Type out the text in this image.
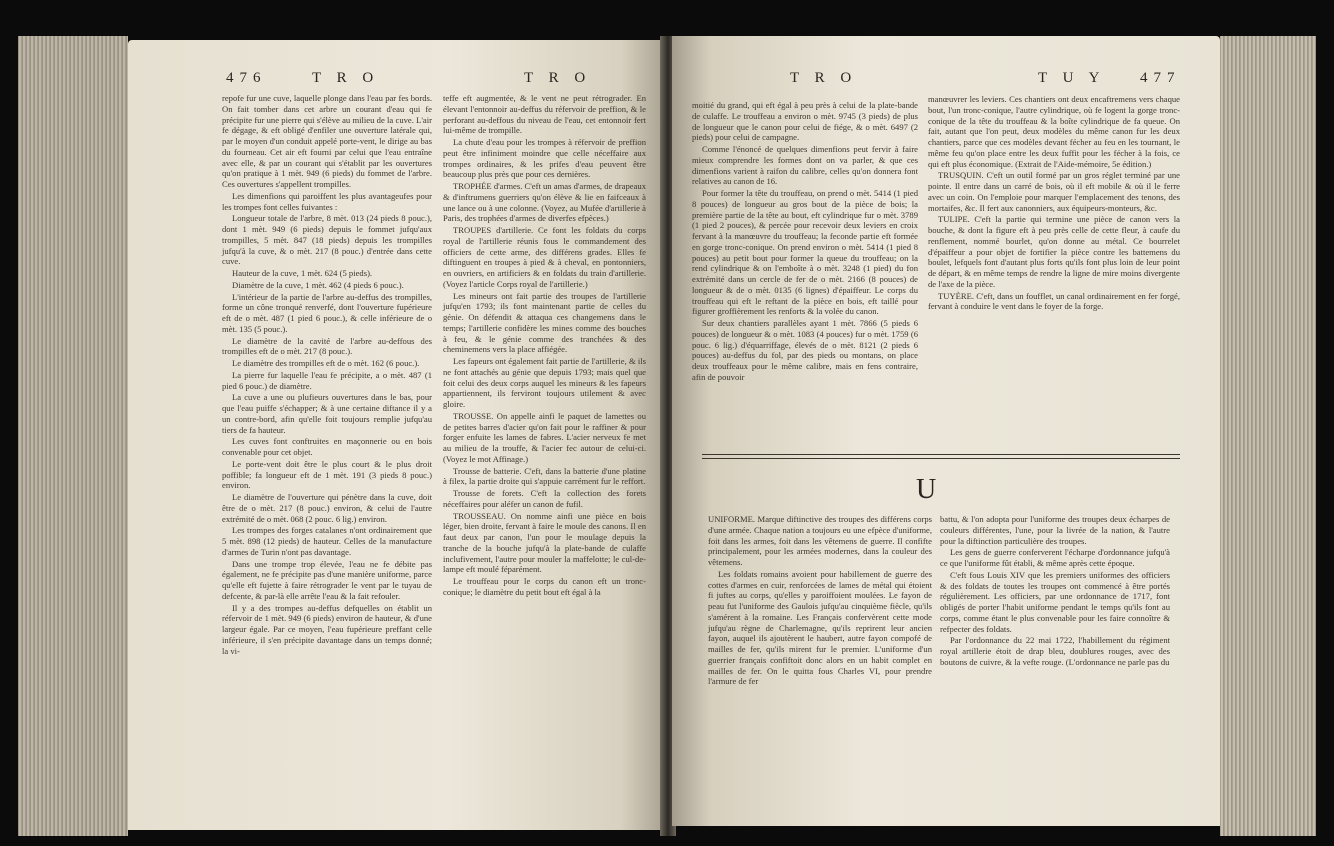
476	T R O	T R O

repofe fur une cuve, laquelle plonge dans l'eau par fes bords. On fait tomber dans cet arbre un courant d'eau qui fe précipite fur une pierre qui s'élève au milieu de la cuve. L'air fe dégage, & eft obligé d'enfiler une ouverture latérale qui, par le moyen d'un conduit appelé porte-vent, le dirige au bas du fourneau. Cet air eft fourni par celui que l'eau entraîne avec elle, & par un courant qui s'établit par les ouvertures qu'on pratique à 1 mèt. 949 (6 pieds) du fommet de l'arbre. Ces ouvertures s'appellent trompilles.

Les dimenfions qui paroiffent les plus avantageufes pour les trompes font celles fuivantes :

Longueur totale de l'arbre, 8 mèt. 013 (24 pieds 8 pouc.), dont 1 mèt. 949 (6 pieds) depuis le fommet jufqu'aux trompilles, 5 mèt. 847 (18 pieds) depuis les trompilles jufqu'à la cuve, & o mèt. 217 (8 pouc.) d'entrée dans cette cuve.

Hauteur de la cuve, 1 mèt. 624 (5 pieds).

Diamètre de la cuve, 1 mèt. 462 (4 pieds 6 pouc.).

L'intérieur de la partie de l'arbre au-deffus des trompilles, forme un cône tronqué renverfé, dont l'ouverture fupérieure eft de o mèt. 487 (1 pied 6 pouc.), & celle inférieure de o mèt. 135 (5 pouc.).

Le diamètre de la cavité de l'arbre au-deffous des trompilles eft de o mèt. 217 (8 pouc.).

Le diamètre des trompilles eft de o mèt. 162 (6 pouc.).

La pierre fur laquelle l'eau fe précipite, a o mèt. 487 (1 pied 6 pouc.) de diamètre.

La cuve a une ou plufieurs ouvertures dans le bas, pour que l'eau puiffe s'échapper; & à une certaine diftance il y a un contre-bord, afin qu'elle foit toujours remplie jufqu'au tiers de fa hauteur.

Les cuves font conftruites en maçonnerie ou en bois convenable pour cet objet.

Le porte-vent doit être le plus court & le plus droit poffible; fa longueur eft de 1 mèt. 191 (3 pieds 8 pouc.) environ.

Le diamètre de l'ouverture qui pénètre dans la cuve, doit être de o mèt. 217 (8 pouc.) environ, & celui de l'autre extrémité de o mèt. 068 (2 pouc. 6 lig.) environ.

Les trompes des forges catalanes n'ont ordinairement que 5 mèt. 898 (12 pieds) de hauteur. Celles de la manufacture d'armes de Turin n'ont pas davantage.

Dans une trompe trop élevée, l'eau ne fe débite pas également, ne fe précipite pas d'une manière uniforme, parce qu'elle eft fujette à faire rétrograder le vent par le tuyau de defcente, & par-là elle arrête l'eau & la fait refouler.

Il y a des trompes au-deffus defquelles on établit un réfervoir de 1 mèt. 949 (6 pieds) environ de hauteur, & d'une largeur égale. Par ce moyen, l'eau fupérieure preffant celle inférieure, il s'en précipite davantage dans un temps donné; la vi-

teffe eft augmentée, & le vent ne peut rétrograder. En élevant l'entonnoir au-deffus du réfervoir de preffion, & le perforant au-deffous du niveau de l'eau, cet entonnoir fert lui-même de trompille.

La chute d'eau pour les trompes à réfervoir de preffion peut être infiniment moindre que celle néceffaire aux trompes ordinaires, & les prifes d'eau peuvent être beaucoup plus près que pour ces dernières.

TROPHÉE d'armes. C'eft un amas d'armes, de drapeaux & d'inftrumens guerriers qu'on élève & lie en faifceaux à une lance ou à une colonne. (Voyez, au Mufée d'artillerie à Paris, des trophées d'armes de diverfes efpèces.)

TROUPES d'artillerie. Ce font les foldats du corps royal de l'artillerie réunis fous le commandement des officiers de cette arme, des différens grades. Elles fe diftinguent en troupes à pied & à cheval, en pontonniers, en ouvriers, en artificiers & en foldats du train d'artillerie. (Voyez l'article Corps royal de l'artillerie.)

Les mineurs ont fait partie des troupes de l'artillerie jufqu'en 1793; ils font maintenant partie de celles du génie. On défendit & attaqua ces changemens dans le temps; l'artillerie confidère les mines comme des bouches à feu, & le génie comme des tranchées & des cheminemens vers la place affiégée.

Les fapeurs ont également fait partie de l'artillerie, & ils ne font attachés au génie que depuis 1793; mais quel que foit celui des deux corps auquel les mineurs & les fapeurs appartiennent, ils ferviront toujours utilement & avec gloire.

TROUSSE. On appelle ainfi le paquet de lamettes ou de petites barres d'acier qu'on fait pour le raffiner & pour forger enfuite les lames de fabres. L'acier nerveux fe met au milieu de la trouffe, & l'acier fec autour de celui-ci. (Voyez le mot Affinage.)

Trousse de batterie. C'eft, dans la batterie d'une platine à filex, la partie droite qui s'appuie carrément fur le reffort.

Trousse de forets. C'eft la collection des forets néceffaires pour aléfer un canon de fufil.

TROUSSEAU. On nomme ainfi une pièce en bois léger, bien droite, fervant à faire le moule des canons. Il en faut deux par canon, l'un pour le moulage depuis la tranche de la bouche jufqu'à la plate-bande de culaffe inclufivement, l'autre pour mouler la maffelotte; le cul-de-lampe eft moulé féparément.

Le trouffeau pour le corps du canon eft un tronc-conique; le diamètre du petit bout eft égal à la

T R O	T U Y 477

moitié du grand, qui eft égal à peu près à celui de la plate-bande de culaffe. Le trouffeau a environ o mèt. 9745 (3 pieds) de plus de longueur que le canon pour celui de fiége, & o mèt. 6497 (2 pieds) pour celui de campagne.

Comme l'énoncé de quelques dimenfions peut fervir à faire mieux comprendre les formes dont on va parler, & que ces dimenfions varient à raifon du calibre, celles qu'on donnera font relatives au canon de 16.

Pour former la tête du trouffeau, on prend o mèt. 5414 (1 pied 8 pouces) de longueur au gros bout de la pièce de bois; la première partie de la tête au bout, eft cylindrique fur o mèt. 3789 (1 pied 2 pouces), & percée pour recevoir deux leviers en croix fervant à la manœuvre du trouffeau; la feconde partie eft formée en gorge tronc-conique. On prend environ o mèt. 5414 (1 pied 8 pouces) au petit bout pour former la queue du trouffeau; on la rend cylindrique & on l'emboîte à o mèt. 3248 (1 pied) du fon extrémité dans un cercle de fer de o mèt. 2166 (8 pouces) de longueur & de o mèt. 0135 (6 lignes) d'épaiffeur. Le corps du trouffeau qui eft le reftant de la pièce en bois, eft taillé pour figurer groffièrement les renforts & la volée du canon.

Sur deux chantiers parallèles ayant 1 mèt. 7866 (5 pieds 6 pouces) de longueur & o mèt. 1083 (4 pouces) fur o mèt. 1759 (6 pouc. 6 lig.) d'équarriffage, élevés de o mèt. 8121 (2 pieds 6 pouces) au-deffus du fol, par des pieds ou montans, on place deux trouffeaux pour le même calibre, mais en fens contraire, afin de pouvoir

manœuvrer les leviers. Ces chantiers ont deux encaftremens vers chaque bout, l'un tronc-conique, l'autre cylindrique, où fe logent la gorge tronc-conique de la tête du trouffeau & la boîte cylindrique de fa queue. On fait, autant que l'on peut, deux modèles du même canon fur les deux chantiers, parce que ces modèles devant fécher au feu en les tournant, le même feu qu'on place entre les deux fuffit pour les fécher à la fois, ce qui eft plus économique. (Extrait de l'Aide-mémoire, 5e édition.)

TRUSQUIN. C'eft un outil formé par un gros réglet terminé par une pointe. Il entre dans un carré de bois, où il eft mobile & où il le ferre avec un coin. On l'emploie pour marquer l'emplacement des tenons, des mortaifes, &c. Il fert aux canonniers, aux équipeurs-monteurs, &c.

TULIPE. C'eft la partie qui termine une pièce de canon vers la bouche, & dont la figure eft à peu près celle de cette fleur, à caufe du renflement, nommé bourlet, qu'on donne au métal. Ce bourrelet d'épaiffeur a pour objet de fortifier la pièce contre les battemens du boulet, lefquels font d'autant plus forts qu'ils font plus loin de leur point de départ, & en même temps de rendre la ligne de mire moins divergente de l'axe de la pièce.

TUYÈRE. C'eft, dans un foufflet, un canal ordinairement en fer forgé, fervant à conduire le vent dans le foyer de la forge.

U

UNIFORME. Marque diftinctive des troupes des différens corps d'une armée. Chaque nation a toujours eu une efpèce d'uniforme, foit dans les armes, foit dans les vêtemens de guerre. Il confifte principalement, pour les armées modernes, dans la couleur des vêtemens.

Les foldats romains avoient pour habillement de guerre des cottes d'armes en cuir, renforcées de lames de métal qui étoient fi juftes au corps, qu'elles y paroiffoient moulées. Le fayon de peau fut l'uniforme des Gaulois jufqu'au cinquième fiècle, qu'ils s'amérent à la romaine. Les Français confervèrent cette mode jufqu'au règne de Charlemagne, qu'ils reprirent leur ancien fayon, auquel ils ajoutèrent le haubert, autre fayon compofé de mailles de fer, qu'ils mirent fur le premier. L'uniforme d'un guerrier français confiftoit donc alors en un habit complet en mailles de fer. On le quitta fous Charles VI, pour prendre l'armure de fer

battu, & l'on adopta pour l'uniforme des troupes deux écharpes de couleurs différentes, l'une, pour la livrée de la nation, & l'autre pour la diftinction particulière des troupes.

Les gens de guerre conferverent l'écharpe d'ordonnance jufqu'à ce que l'uniforme fût établi, & même après cette époque.

C'eft fous Louis XIV que les premiers uniformes des officiers & des foldats de toutes les troupes ont commencé à être portés régulièrement. Les officiers, par une ordonnance de 1717, font obligés de porter l'habit uniforme pendant le temps qu'ils font au corps, comme étant le plus convenable pour les faire connoître & refpecter des foldats.

Par l'ordonnance du 22 mai 1722, l'habillement du régiment royal artillerie étoit de drap bleu, doublures rouges, avec des boutons de cuivre, & la vefte rouge. (L'ordonnance ne parle pas du
